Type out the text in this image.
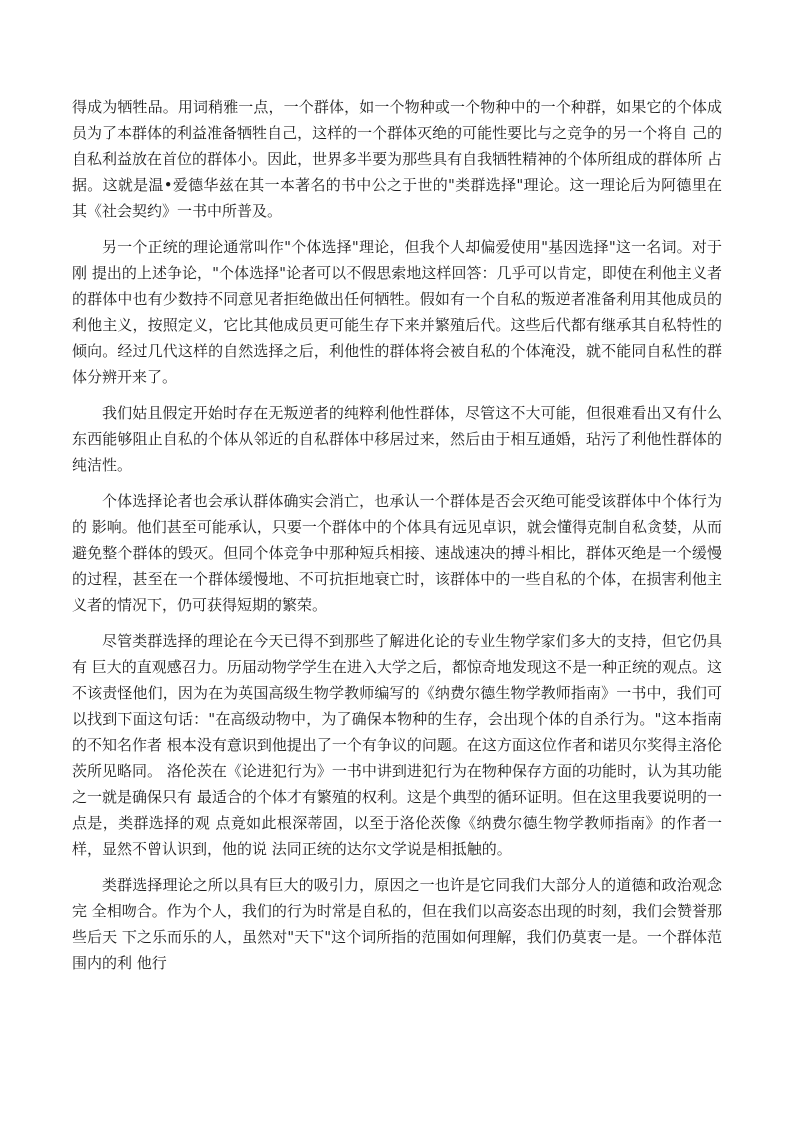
得成为牺牲品。用词稍雅一点，一个群体，如一个物种或一个物种中的一个种群，如果它的个体成员为了本群体的利益准备牺牲自己，这样的一个群体灭绝的可能性要比与之竞争的另一个将自 己的自私利益放在首位的群体小。因此，世界多半要为那些具有自我牺牲精神的个体所组成的群体所 占据。这就是温•爱德华兹在其一本著名的书中公之于世的"类群选择"理论。这一理论后为阿德里在其《社会契约》一书中所普及。

另一个正统的理论通常叫作"个体选择"理论，但我个人却偏爱使用"基因选择"这一名词。对于刚 提出的上述争论，"个体选择"论者可以不假思索地这样回答：几乎可以肯定，即使在利他主义者的群体中也有少数持不同意见者拒绝做出任何牺牲。假如有一个自私的叛逆者准备利用其他成员的利他主义，按照定义，它比其他成员更可能生存下来并繁殖后代。这些后代都有继承其自私特性的倾向。经过几代这样的自然选择之后，利他性的群体将会被自私的个体淹没，就不能同自私性的群体分辨开来了。

我们姑且假定开始时存在无叛逆者的纯粹利他性群体，尽管这不大可能，但很难看出又有什么东西能够阻止自私的个体从邻近的自私群体中移居过来，然后由于相互通婚，玷污了利他性群体的纯洁性。

个体选择论者也会承认群体确实会消亡，也承认一个群体是否会灭绝可能受该群体中个体行为的 影响。他们甚至可能承认，只要一个群体中的个体具有远见卓识，就会懂得克制自私贪婪，从而避免整个群体的毁灭。但同个体竞争中那种短兵相接、速战速决的搏斗相比，群体灭绝是一个缓慢的过程，甚至在一个群体缓慢地、不可抗拒地衰亡时，该群体中的一些自私的个体，在损害利他主义者的情况下，仍可获得短期的繁荣。

尽管类群选择的理论在今天已得不到那些了解进化论的专业生物学家们多大的支持，但它仍具有 巨大的直观感召力。历届动物学学生在进入大学之后，都惊奇地发现这不是一种正统的观点。这不该责怪他们，因为在为英国高级生物学教师编写的《纳费尔德生物学教师指南》一书中，我们可以找到下面这句话："在高级动物中，为了确保本物种的生存，会出现个体的自杀行为。"这本指南的不知名作者 根本没有意识到他提出了一个有争议的问题。在这方面这位作者和诺贝尔奖得主洛伦茨所见略同。 洛伦茨在《论进犯行为》一书中讲到进犯行为在物种保存方面的功能时，认为其功能之一就是确保只有 最适合的个体才有繁殖的权利。这是个典型的循环证明。但在这里我要说明的一点是，类群选择的观 点竟如此根深蒂固，以至于洛伦茨像《纳费尔德生物学教师指南》的作者一样，显然不曾认识到，他的说 法同正统的达尔文学说是相抵触的。

类群选择理论之所以具有巨大的吸引力，原因之一也许是它同我们大部分人的道德和政治观念完 全相吻合。作为个人，我们的行为时常是自私的，但在我们以高姿态出现的时刻，我们会赞誉那些后天 下之乐而乐的人，虽然对"天下"这个词所指的范围如何理解，我们仍莫衷一是。一个群体范围内的利 他行
